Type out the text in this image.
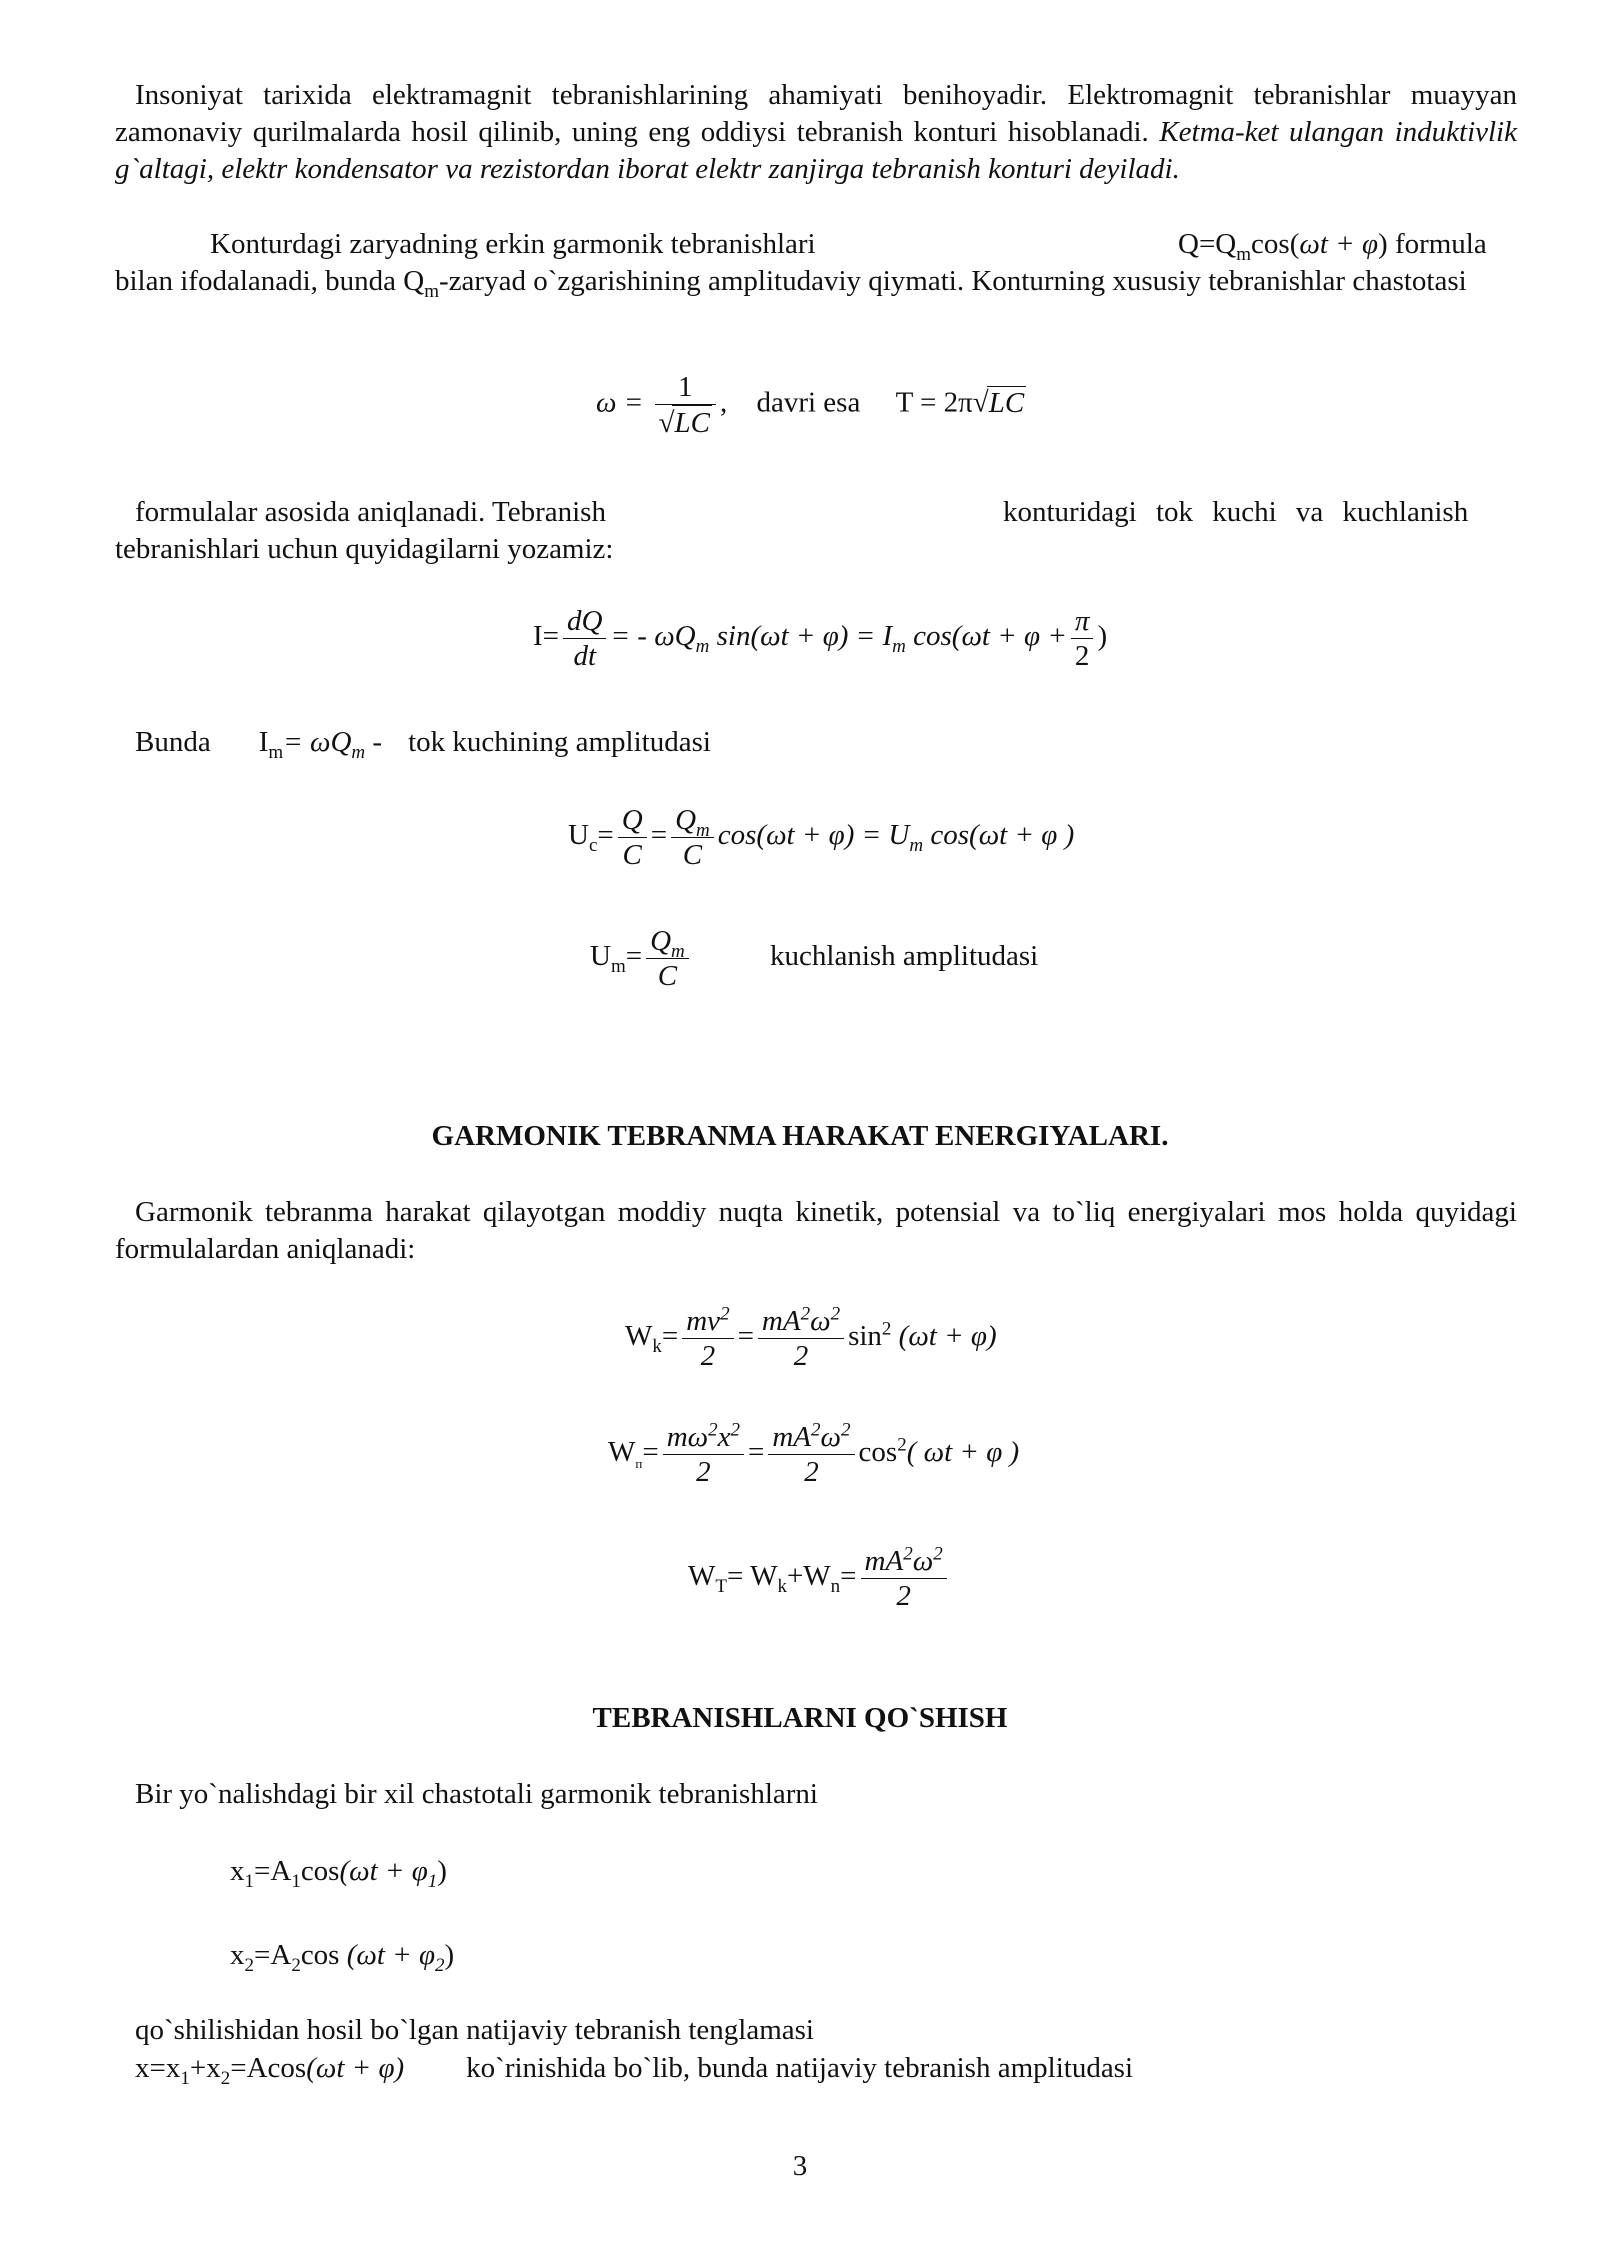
Insoniyat tarixida elektramagnit tebranishlarining ahamiyati benihoyadir. Elektromagnit tebranishlar muayyan zamonaviy qurilmalarda hosil qilinib, uning eng oddiysi tebranish konturi hisoblanadi. Ketma-ket ulangan induktivlik g`altagi, elektr kondensator va rezistordan iborat elektr zanjirga tebranish konturi deyiladi.
Konturdagi zaryadning erkin garmonik tebranishlari	$Q=Q_m\cos(\omega t + \varphi)$ formula
bilan ifodalanadi, bunda $Q_m$-zaryad o`zgarishining amplitudaviy qiymati. Konturning xususiy tebranishlar chastotasi
$\omega = \frac{1}{√LC}$ , davri esa T = 2π√LC
formulalar asosida aniqlanadi. Tebranish	konturidagi tok kuchi va kuchlanish
tebranishlari uchun quyidagilarni yozamiz:
$I= \frac{dQ}{dt}$ = - $\omega Q_m$ $\sin(\omega t + \varphi) = I_m$ $\cos(\omega t + \varphi + \frac{\pi}{2}$ )
Bunda $I_m= \omega Q_m$ - tok kuchining amplitudasi
$U_c= \frac{Q}{C} = \frac{Q_m}{C} \cos(\omega t + \varphi) = U_m$ cos(ωt + φ )
$U_m= \frac{Q_m}{C}$	kuchlanish amplitudasi
GARMONIK TEBRANMA HARAKAT ENERGIYALARI.
Garmonik tebranma harakat qilayotgan moddiy nuqta kinetik, potensial va to`liq energiyalari mos holda quyidagi formulalardan aniqlanadi:
$W_k= \frac{mv^2}{2} = \frac{mA^2\omega^2}{2} \sin^2 (\omega t + \varphi)$
$W_п= \frac{m\omega^2x^2}{2} = \frac{mA^2\omega^2}{2} \cos^2$( ωt + φ )
$W_T= W_k+W_n= \frac{mA^2\omega^2}{2}$
TEBRANISHLARNI QO`SHISH
Bir yo`nalishdagi bir xil chastotali garmonik tebranishlarni
$x_1=A_1\cos(\omega t + \varphi_1)$
$x_2=A_2\cos$ $(\omega t + \varphi_2)$
qo`shilishidan hosil bo`lgan natijaviy tebranish tenglamasi
$x=x_1+x_2=Acos(\omega t + \varphi)$ ko`rinishida bo`lib, bunda natijaviy tebranish amplitudasi
3
